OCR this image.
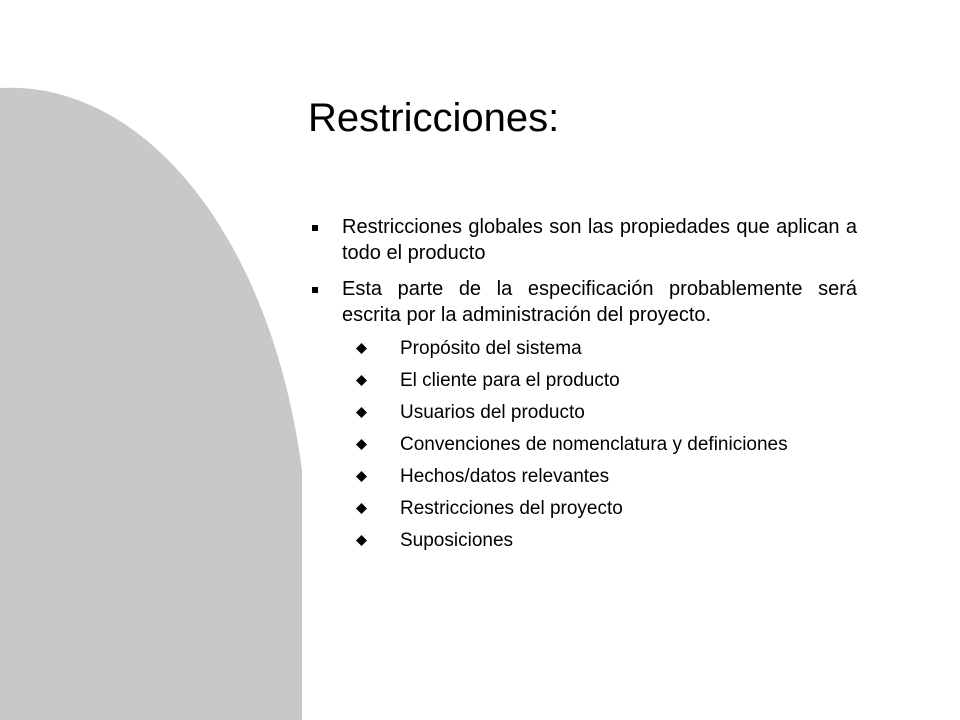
Restricciones:
Restricciones globales son las propiedades que aplican a todo el producto
Esta parte de la especificación probablemente será escrita por la administración del proyecto.
Propósito del sistema
El cliente para el producto
Usuarios del producto
Convenciones de nomenclatura y definiciones
Hechos/datos relevantes
Restricciones del proyecto
Suposiciones
